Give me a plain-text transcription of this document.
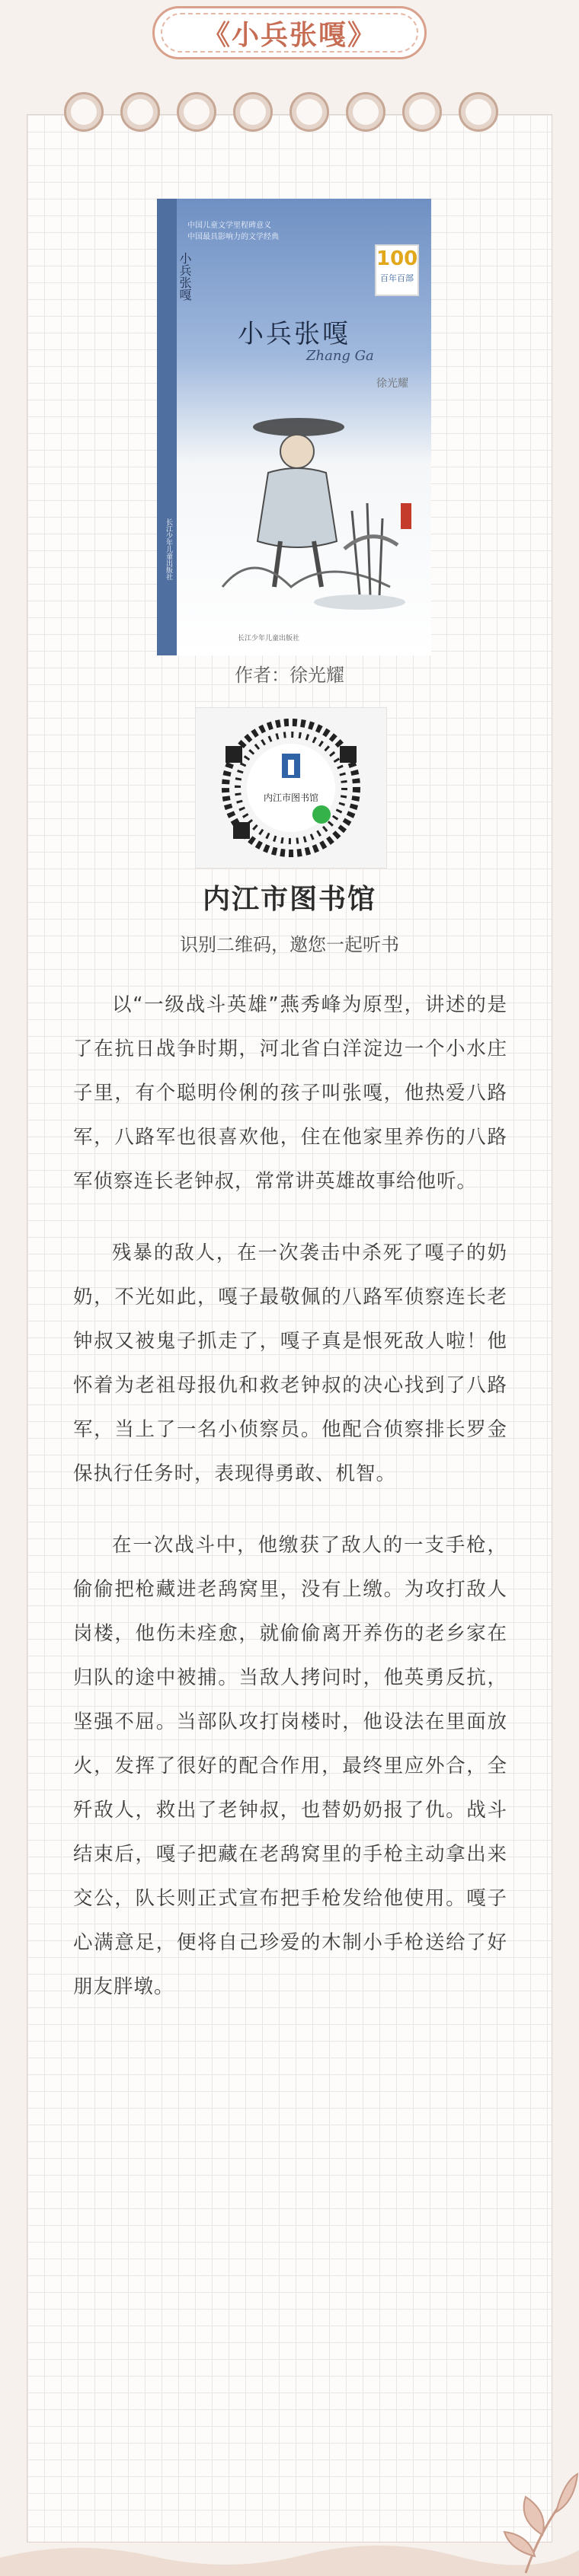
《小兵张嘎》
长江少年儿童出版社
中国儿童文学里程碑意义
中国最具影响力的文学经典
小兵张嘎	100
百年百部
小兵张嘎
Zhang Ga
徐光耀
长江少年儿童出版社
作者：徐光耀
内江市图书馆
内江市图书馆
识别二维码，邀您一起听书

以“一级战斗英雄”燕秀峰为原型，讲述的是了在抗日战争时期，河北省白洋淀边一个小水庄子里，有个聪明伶俐的孩子叫张嘎，他热爱八路军，八路军也很喜欢他，住在他家里养伤的八路军侦察连长老钟叔，常常讲英雄故事给他听。

残暴的敌人，在一次袭击中杀死了嘎子的奶奶，不光如此，嘎子最敬佩的八路军侦察连长老钟叔又被鬼子抓走了，嘎子真是恨死敌人啦！他怀着为老祖母报仇和救老钟叔的决心找到了八路军，当上了一名小侦察员。他配合侦察排长罗金保执行任务时，表现得勇敢、机智。

在一次战斗中，他缴获了敌人的一支手枪，偷偷把枪藏进老鸹窝里，没有上缴。为攻打敌人岗楼，他伤未痊愈，就偷偷离开养伤的老乡家在归队的途中被捕。当敌人拷问时，他英勇反抗，坚强不屈。当部队攻打岗楼时，他设法在里面放火，发挥了很好的配合作用，最终里应外合，全歼敌人，救出了老钟叔，也替奶奶报了仇。战斗结束后，嘎子把藏在老鸹窝里的手枪主动拿出来交公，队长则正式宣布把手枪发给他使用。嘎子心满意足，便将自己珍爱的木制小手枪送给了好朋友胖墩。
